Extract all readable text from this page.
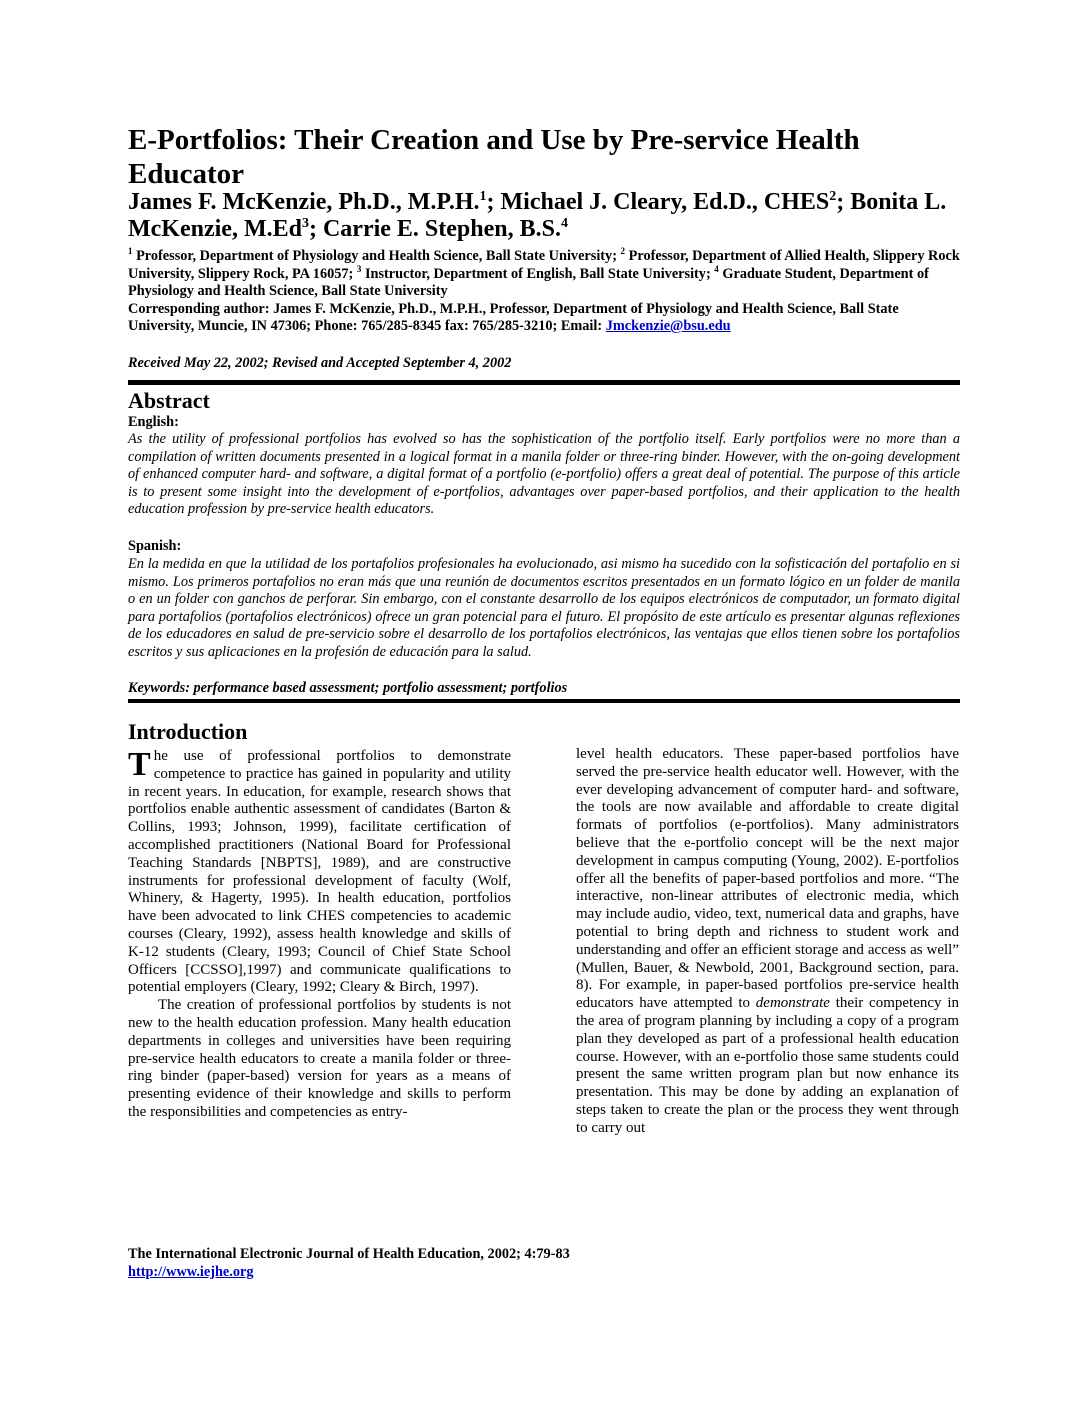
E-Portfolios: Their Creation and Use by Pre-service Health Educator
James F. McKenzie, Ph.D., M.P.H.$^1$; Michael J. Cleary, Ed.D., CHES$^2$; Bonita L. McKenzie, M.Ed$^3$; Carrie E. Stephen, B.S.$^4$

$^1$ Professor, Department of Physiology and Health Science, Ball State University; $^2$ Professor, Department of Allied Health, Slippery Rock University, Slippery Rock, PA 16057; $^3$ Instructor, Department of English, Ball State University; $^4$ Graduate Student, Department of Physiology and Health Science, Ball State University
Corresponding author: James F. McKenzie, Ph.D., M.P.H., Professor, Department of Physiology and Health Science, Ball State University, Muncie, IN 47306; Phone: 765/285-8345 fax: 765/285-3210; Email: Jmckenzie@bsu.edu

Received May 22, 2002; Revised and Accepted September 4, 2002

Abstract

English:

As the utility of professional portfolios has evolved so has the sophistication of the portfolio itself. Early portfolios were no more than a compilation of written documents presented in a logical format in a manila folder or three-ring binder. However, with the on-going development of enhanced computer hard- and software, a digital format of a portfolio (e-portfolio) offers a great deal of potential. The purpose of this article is to present some insight into the development of e-portfolios, advantages over paper-based portfolios, and their application to the health education profession by pre-service health educators.

Spanish:

En la medida en que la utilidad de los portafolios profesionales ha evolucionado, asi mismo ha sucedido con la sofisticación del portafolio en si mismo. Los primeros portafolios no eran más que una reunión de documentos escritos presentados en un formato lógico en un folder de manila o en un folder con ganchos de perforar. Sin embargo, con el constante desarrollo de los equipos electrónicos de computador, un formato digital para portafolios (portafolios electrónicos) ofrece un gran potencial para el futuro. El propósito de este artículo es presentar algunas reflexiones de los educadores en salud de pre-servicio sobre el desarrollo de los portafolios electrónicos, las ventajas que ellos tienen sobre los portafolios escritos y sus aplicaciones en la profesión de educación para la salud.

Keywords: performance based assessment; portfolio assessment; portfolios

Introduction

The use of professional portfolios to demonstrate competence to practice has gained in popularity and utility in recent years. In education, for example, research shows that portfolios enable authentic assessment of candidates (Barton & Collins, 1993; Johnson, 1999), facilitate certification of accomplished practitioners (National Board for Professional Teaching Standards [NBPTS], 1989), and are constructive instruments for professional development of faculty (Wolf, Whinery, & Hagerty, 1995). In health education, portfolios have been advocated to link CHES competencies to academic courses (Cleary, 1992), assess health knowledge and skills of K-12 students (Cleary, 1993; Council of Chief State School Officers [CCSSO],1997) and communicate qualifications to potential employers (Cleary, 1992; Cleary & Birch, 1997).

The creation of professional portfolios by students is not new to the health education profession. Many health education departments in colleges and universities have been requiring pre-service health educators to create a manila folder or three-ring binder (paper-based) version for years as a means of presenting evidence of their knowledge and skills to perform the responsibilities and competencies as entry-

level health educators. These paper-based portfolios have served the pre-service health educator well. However, with the ever developing advancement of computer hard- and software, the tools are now available and affordable to create digital formats of portfolios (e-portfolios). Many administrators believe that the e-portfolio concept will be the next major development in campus computing (Young, 2002). E-portfolios offer all the benefits of paper-based portfolios and more. “The interactive, non-linear attributes of electronic media, which may include audio, video, text, numerical data and graphs, have potential to bring depth and richness to student work and understanding and offer an efficient storage and access as well” (Mullen, Bauer, & Newbold, 2001, Background section, para. 8). For example, in paper-based portfolios pre-service health educators have attempted to demonstrate their competency in the area of program planning by including a copy of a program plan they developed as part of a professional health education course. However, with an e-portfolio those same students could present the same written program plan but now enhance its presentation. This may be done by adding an explanation of steps taken to create the plan or the process they went through to carry out

The International Electronic Journal of Health Education, 2002; 4:79-83
http://www.iejhe.org
